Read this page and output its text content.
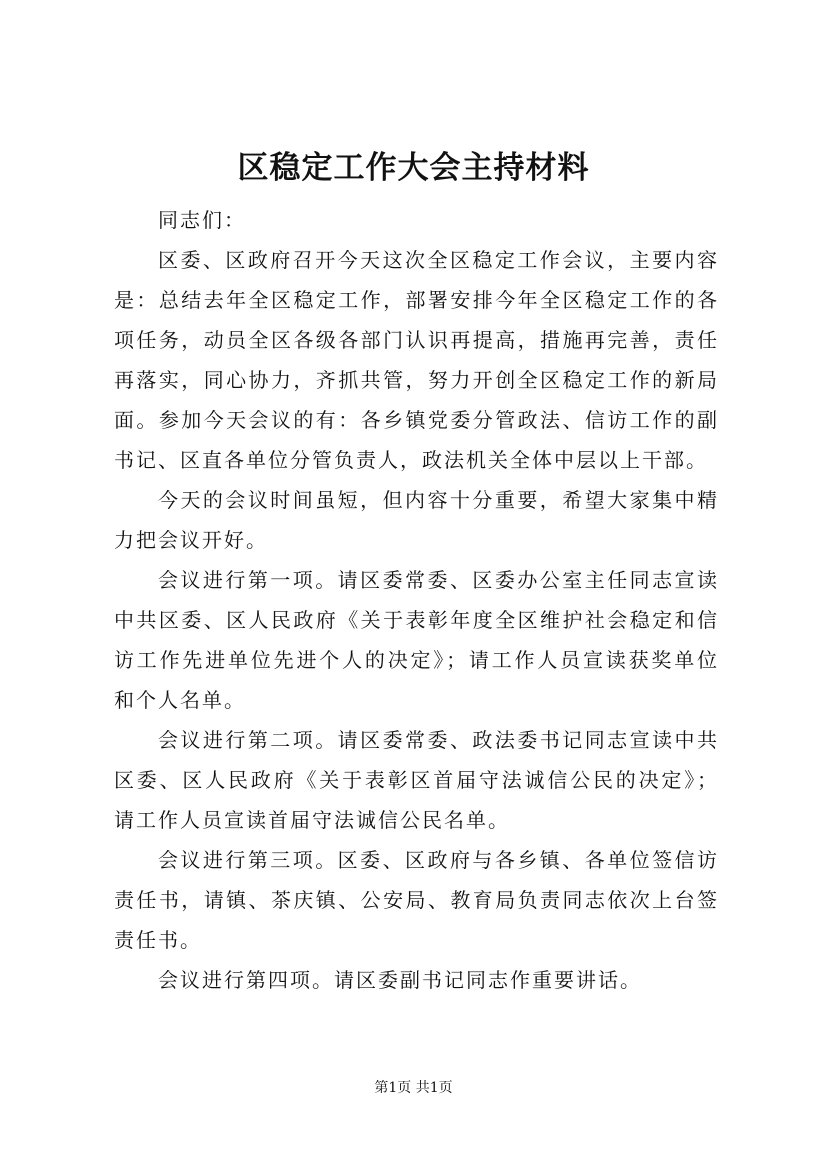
区稳定工作大会主持材料

同志们：

区委、区政府召开今天这次全区稳定工作会议，主要内容是：总结去年全区稳定工作，部署安排今年全区稳定工作的各项任务，动员全区各级各部门认识再提高，措施再完善，责任再落实，同心协力，齐抓共管，努力开创全区稳定工作的新局面。参加今天会议的有：各乡镇党委分管政法、信访工作的副书记、区直各单位分管负责人，政法机关全体中层以上干部。

今天的会议时间虽短，但内容十分重要，希望大家集中精力把会议开好。

会议进行第一项。请区委常委、区委办公室主任同志宣读中共区委、区人民政府《关于表彰年度全区维护社会稳定和信访工作先进单位先进个人的决定》；请工作人员宣读获奖单位和个人名单。

会议进行第二项。请区委常委、政法委书记同志宣读中共区委、区人民政府《关于表彰区首届守法诚信公民的决定》；请工作人员宣读首届守法诚信公民名单。

会议进行第三项。区委、区政府与各乡镇、各单位签信访责任书，请镇、茶庆镇、公安局、教育局负责同志依次上台签责任书。

会议进行第四项。请区委副书记同志作重要讲话。

第1页 共1页
